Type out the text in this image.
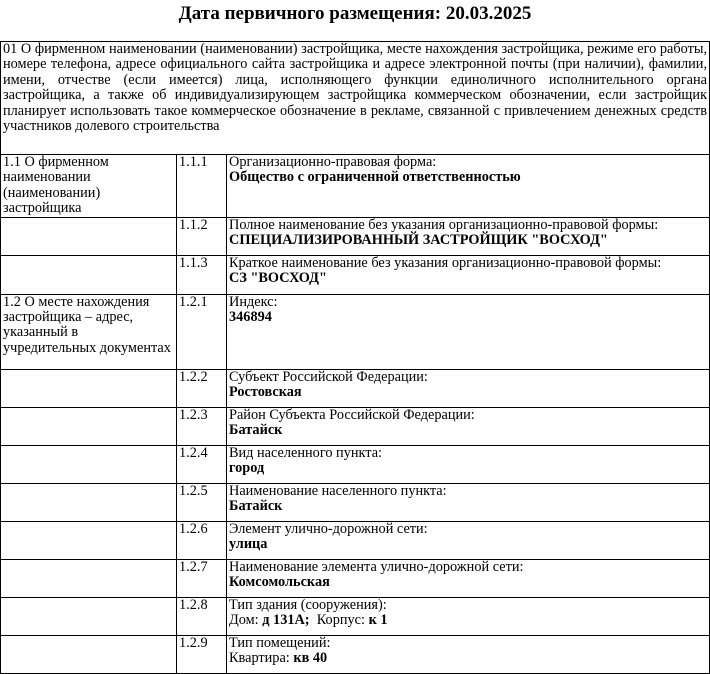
Дата первичного размещения: 20.03.2025
01 О фирменном наименовании (наименовании) застройщика, месте нахождения застройщика, режиме его работы, номере телефона, адресе официального сайта застройщика и адресе электронной почты (при наличии), фамилии, имени, отчестве (если имеется) лица, исполняющего функции единоличного исполнительного органа застройщика, а также об индивидуализирующем застройщика коммерческом обозначении, если застройщик планирует использовать такое коммерческое обозначение в рекламе, связанной с привлечением денежных средств участников долевого строительства		
1.1 О фирменном наименовании (наименовании) застройщика	1.1.1	Организационно-правовая форма:
Общество с ограниченной ответственностью

	1.1.2	Полное наименование без указания организационно-правовой формы:
СПЕЦИАЛИЗИРОВАННЫЙ ЗАСТРОЙЩИК "ВОСХОД"

	1.1.3	Краткое наименование без указания организационно-правовой формы:
СЗ "ВОСХОД"

1.2 О месте нахождения застройщика – адрес, указанный в учредительных документах	1.2.1	Индекс:
346894

	1.2.2	Субъект Российской Федерации:
Ростовская

	1.2.3	Район Субъекта Российской Федерации:
Батайск

	1.2.4	Вид населенного пункта:
город

	1.2.5	Наименование населенного пункта:
Батайск

	1.2.6	Элемент улично-дорожной сети:
улица

	1.2.7	Наименование элемента улично-дорожной сети:
Комсомольская

	1.2.8	Тип здания (сооружения):
Дом: д 131А; Корпус: к 1

	1.2.9	Тип помещений:
Квартира: кв 40
